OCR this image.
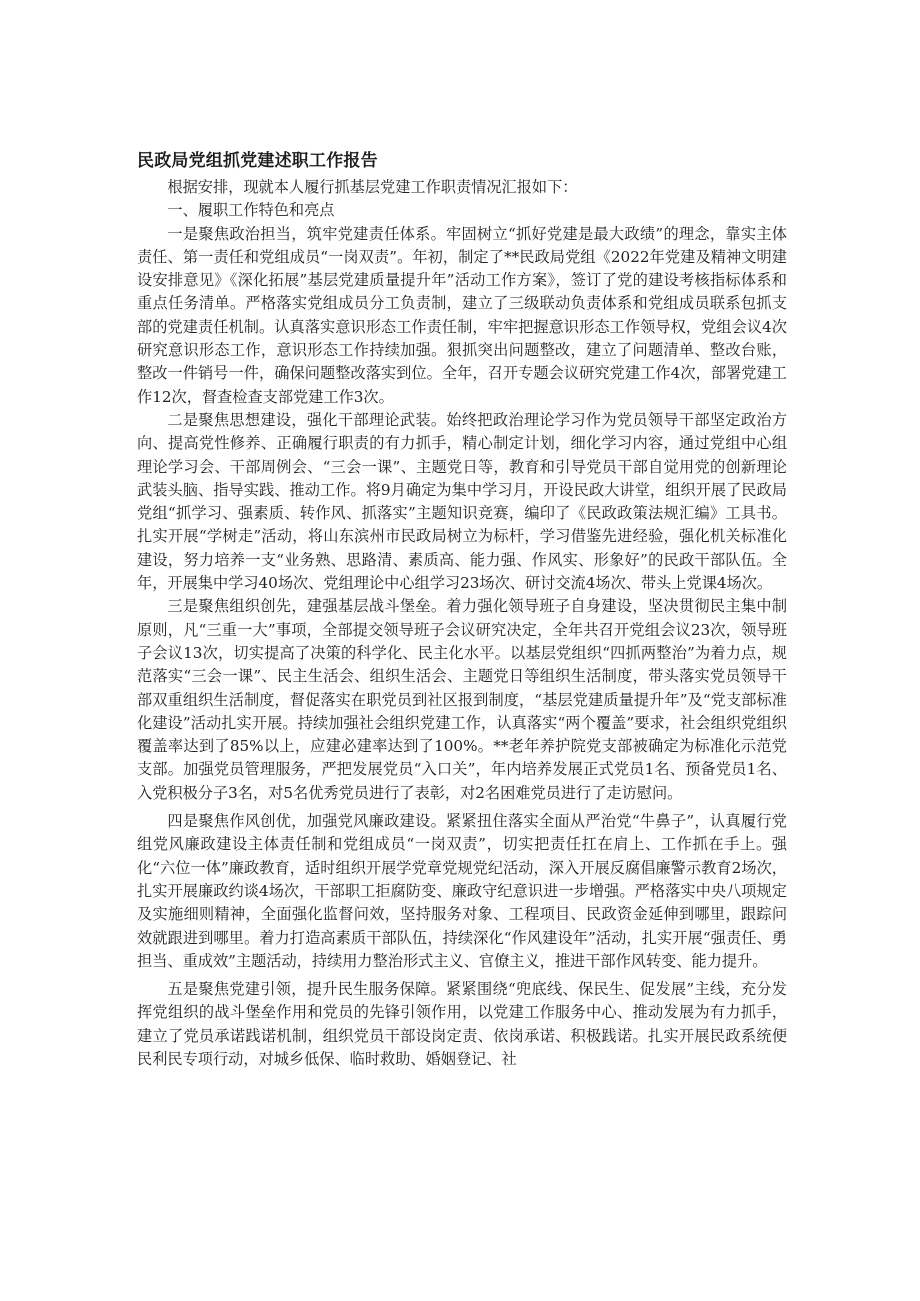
民政局党组抓党建述职工作报告

根据安排，现就本人履行抓基层党建工作职责情况汇报如下：

一、履职工作特色和亮点

一是聚焦政治担当，筑牢党建责任体系。牢固树立“抓好党建是最大政绩”的理念，靠实主体责任、第一责任和党组成员“一岗双责”。年初，制定了**民政局党组《2022年党建及精神文明建设安排意见》《深化拓展”基层党建质量提升年”活动工作方案》，签订了党的建设考核指标体系和重点任务清单。严格落实党组成员分工负责制，建立了三级联动负责体系和党组成员联系包抓支部的党建责任机制。认真落实意识形态工作责任制，牢牢把握意识形态工作领导权，党组会议4次研究意识形态工作，意识形态工作持续加强。狠抓突出问题整改，建立了问题清单、整改台账，整改一件销号一件，确保问题整改落实到位。全年，召开专题会议研究党建工作4次，部署党建工作12次，督查检查支部党建工作3次。

二是聚焦思想建设，强化干部理论武装。始终把政治理论学习作为党员领导干部坚定政治方向、提高党性修养、正确履行职责的有力抓手，精心制定计划，细化学习内容，通过党组中心组理论学习会、干部周例会、“三会一课”、主题党日等，教育和引导党员干部自觉用党的创新理论武装头脑、指导实践、推动工作。将9月确定为集中学习月，开设民政大讲堂，组织开展了民政局党组“抓学习、强素质、转作风、抓落实”主题知识竞赛，编印了《民政政策法规汇编》工具书。扎实开展“学树走”活动，将山东滨州市民政局树立为标杆，学习借鉴先进经验，强化机关标准化建设，努力培养一支“业务熟、思路清、素质高、能力强、作风实、形象好”的民政干部队伍。全年，开展集中学习40场次、党组理论中心组学习23场次、研讨交流4场次、带头上党课4场次。

三是聚焦组织创先，建强基层战斗堡垒。着力强化领导班子自身建设，坚决贯彻民主集中制原则，凡“三重一大”事项，全部提交领导班子会议研究决定，全年共召开党组会议23次，领导班子会议13次，切实提高了决策的科学化、民主化水平。以基层党组织“四抓两整治”为着力点，规范落实“三会一课”、民主生活会、组织生活会、主题党日等组织生活制度，带头落实党员领导干部双重组织生活制度，督促落实在职党员到社区报到制度，“基层党建质量提升年”及“党支部标准化建设”活动扎实开展。持续加强社会组织党建工作，认真落实“两个覆盖”要求，社会组织党组织覆盖率达到了85%以上，应建必建率达到了100%。**老年养护院党支部被确定为标准化示范党支部。加强党员管理服务，严把发展党员“入口关”，年内培养发展正式党员1名、预备党员1名、入党积极分子3名，对5名优秀党员进行了表彰，对2名困难党员进行了走访慰问。

四是聚焦作风创优，加强党风廉政建设。紧紧扭住落实全面从严治党“牛鼻子”，认真履行党组党风廉政建设主体责任制和党组成员“一岗双责”，切实把责任扛在肩上、工作抓在手上。强化“六位一体”廉政教育，适时组织开展学党章党规党纪活动，深入开展反腐倡廉警示教育2场次，扎实开展廉政约谈4场次，干部职工拒腐防变、廉政守纪意识进一步增强。严格落实中央八项规定及实施细则精神，全面强化监督问效，坚持服务对象、工程项目、民政资金延伸到哪里，跟踪问效就跟进到哪里。着力打造高素质干部队伍，持续深化“作风建设年”活动，扎实开展“强责任、勇担当、重成效”主题活动，持续用力整治形式主义、官僚主义，推进干部作风转变、能力提升。

五是聚焦党建引领，提升民生服务保障。紧紧围绕“兜底线、保民生、促发展”主线，充分发挥党组织的战斗堡垒作用和党员的先锋引领作用，以党建工作服务中心、推动发展为有力抓手，建立了党员承诺践诺机制，组织党员干部设岗定责、依岗承诺、积极践诺。扎实开展民政系统便民利民专项行动，对城乡低保、临时救助、婚姻登记、社
